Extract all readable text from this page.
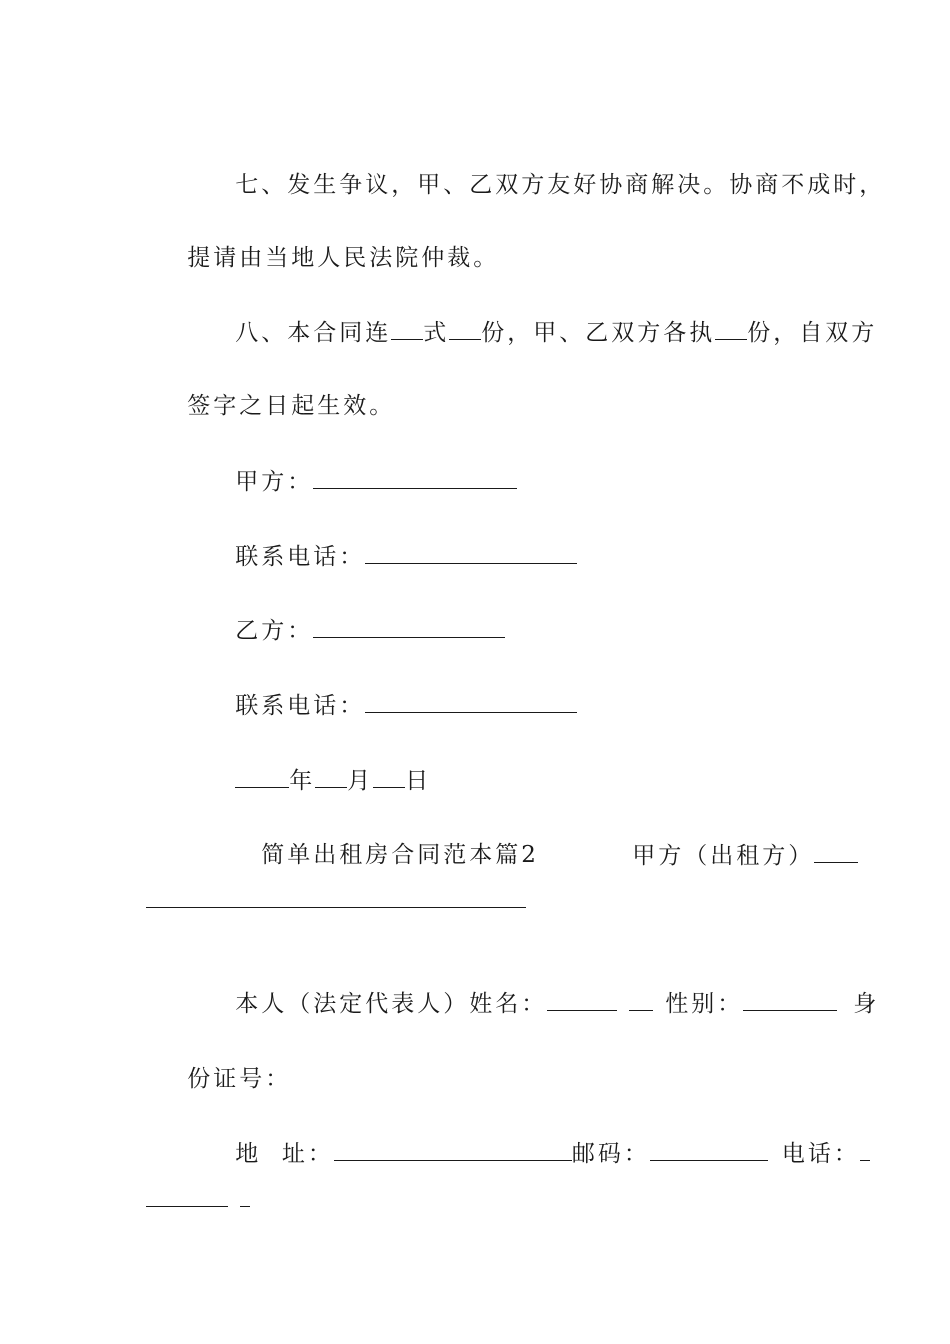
七、发生争议，甲、乙双方友好协商解决。协商不成时，

提请由当地人民法院仲裁。

八、本合同连 式 份，甲、乙双方各执 份，自双方

签字之日起生效。

甲方：

联系电话：

乙方：

联系电话：

年 月 日

简单出租房合同范本篇2
	甲方（出租方）

本人（法定代表人）姓名：	性别：	身

份证号：

地  址：	邮码：	电话：
